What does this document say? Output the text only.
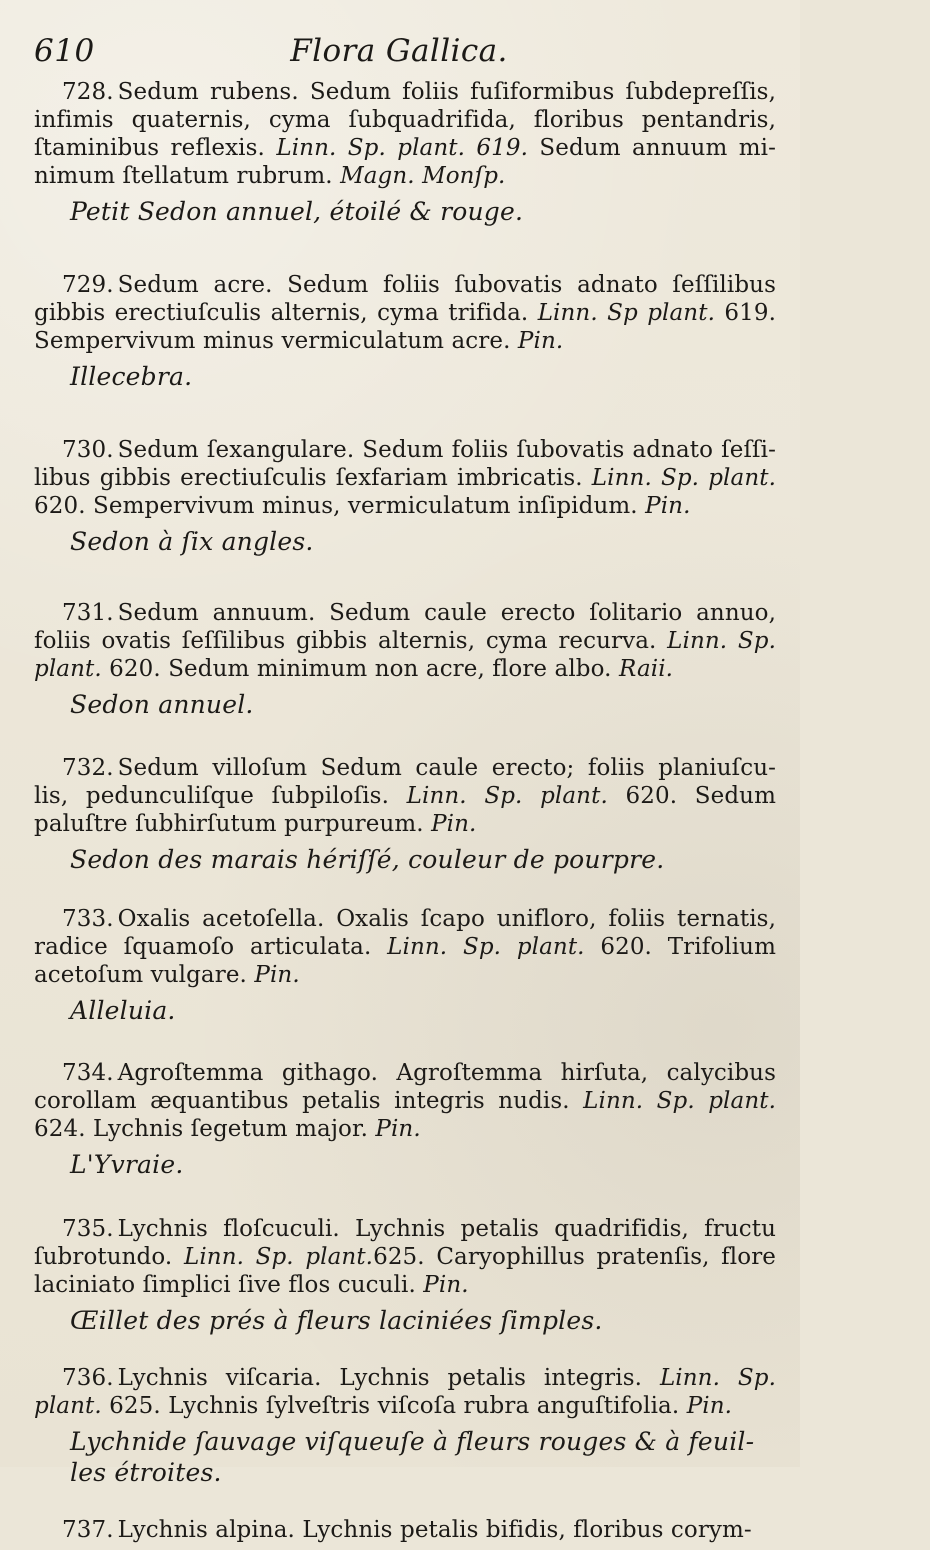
610	Flora Gallica.

728. Sedum rubens. Sedum foliis fuſiformibus ſubdepreſſis, infimis quaternis, cyma ſubquadrifida, floribus pentandris, ſtaminibus reflexis. Linn. Sp. plant. 619. Sedum annuum mi- nimum ſtellatum rubrum. Magn. Monſp.

Petit Sedon annuel, étoilé & rouge.

729. Sedum acre. Sedum foliis ſubovatis adnato ſeſſilibus gibbis erectiuſculis alternis, cyma trifida. Linn. Sp plant. 619. Sempervivum minus vermiculatum acre. Pin.

Illecebra.

730. Sedum ſexangulare. Sedum foliis ſubovatis adnato ſeſſi- libus gibbis erectiuſculis ſexfariam imbricatis. Linn. Sp. plant. 620. Sempervivum minus, vermiculatum inſipidum. Pin.

Sedon à ſix angles.

731. Sedum annuum. Sedum caule erecto ſolitario annuo, foliis ovatis ſeſſilibus gibbis alternis, cyma recurva. Linn. Sp. plant. 620. Sedum minimum non acre, flore albo. Raii.

Sedon annuel.

732. Sedum villoſum Sedum caule erecto; foliis planiuſcu- lis, pedunculiſque ſubpiloſis. Linn. Sp. plant. 620. Sedum paluſtre ſubhirſutum purpureum. Pin.

Sedon des marais hériſſé, couleur de pourpre.

733. Oxalis acetoſella. Oxalis ſcapo unifloro, foliis ternatis, radice ſquamoſo articulata. Linn. Sp. plant. 620. Trifolium acetoſum vulgare. Pin.

Alleluia.

734. Agroſtemma githago. Agroſtemma hirſuta, calycibus corollam æquantibus petalis integris nudis. Linn. Sp. plant. 624. Lychnis ſegetum major. Pin.

L'Yvraie.

735. Lychnis floſcuculi. Lychnis petalis quadrifidis, fructu ſubrotundo. Linn. Sp. plant.625. Caryophillus pratenſis, flore laciniato ſimplici ſive flos cuculi. Pin.

Œillet des prés à fleurs laciniées ſimples.

736. Lychnis viſcaria. Lychnis petalis integris. Linn. Sp. plant. 625. Lychnis ſylveſtris viſcoſa rubra anguſtifolia. Pin.

Lychnide ſauvage viſqueuſe à fleurs rouges & à feuil-les étroites.

737. Lychnis alpina. Lychnis petalis bifidis, floribus corym-
